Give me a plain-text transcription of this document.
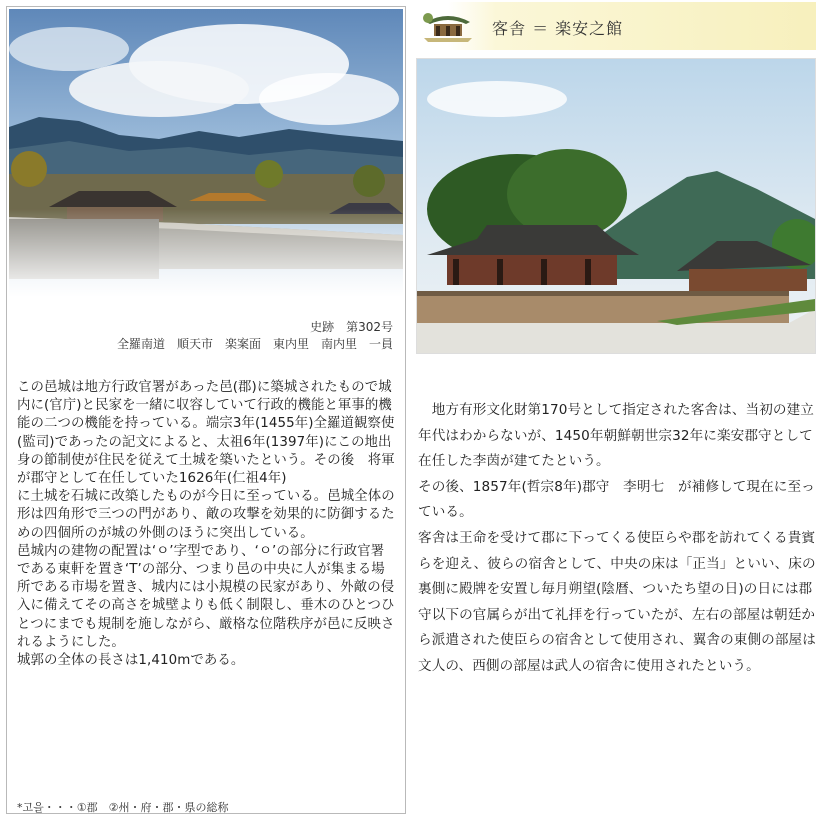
史跡　第302号
全羅南道　順天市　楽案面　東内里　南内里　一員

この邑城は地方行政官署があった邑(郡)に築城されたもので城内に(官庁)と民家を一緒に収容していて行政的機能と軍事的機能の二つの機能を持っている。端宗3年(1455年)全羅道観察使(監司)であったの記文によると、太祖6年(1397年)にこの地出身の節制使が住民を従えて土城を築いたという。その後　将軍が郡守として在任していた1626年(仁祖4年)

に土城を石城に改築したものが今日に至っている。邑城全体の形は四角形で三つの門があり、敵の攻撃を効果的に防御するための四個所のが城の外側のほうに突出している。

邑城内の建物の配置は‘ㅇ’字型であり、‘ㅇ’の部分に行政官署である東軒を置き‘T’の部分、つまり邑の中央に人が集まる場所である市場を置き、城内には小規模の民家があり、外敵の侵入に備えてその高さを城壁よりも低く制限し、垂木のひとつひとつにまでも規制を施しながら、厳格な位階秩序が邑に反映されるようにした。

城郭の全体の長さは1,410mである。

*고을・・・①郡　②州・府・郡・県の総称
客舎 ＝ 楽安之館

　地方有形文化財第170号として指定された客舎は、当初の建立年代はわからないが、1450年朝鮮朝世宗32年に楽安郡守として在任した李茵が建てたという。

その後、1857年(哲宗8年)郡守　李明七　が補修して現在に至っている。

客舎は王命を受けて郡に下ってくる使臣らや郡を訪れてくる貴賓らを迎え、彼らの宿舎として、中央の床は「正当」といい、床の裏側に殿牌を安置し毎月朔望(陰暦、ついたち望の日)の日には郡守以下の官属らが出て礼拝を行っていたが、左右の部屋は朝廷から派遣された使臣らの宿舎として使用され、翼舎の東側の部屋は文人の、西側の部屋は武人の宿舎に使用されたという。
